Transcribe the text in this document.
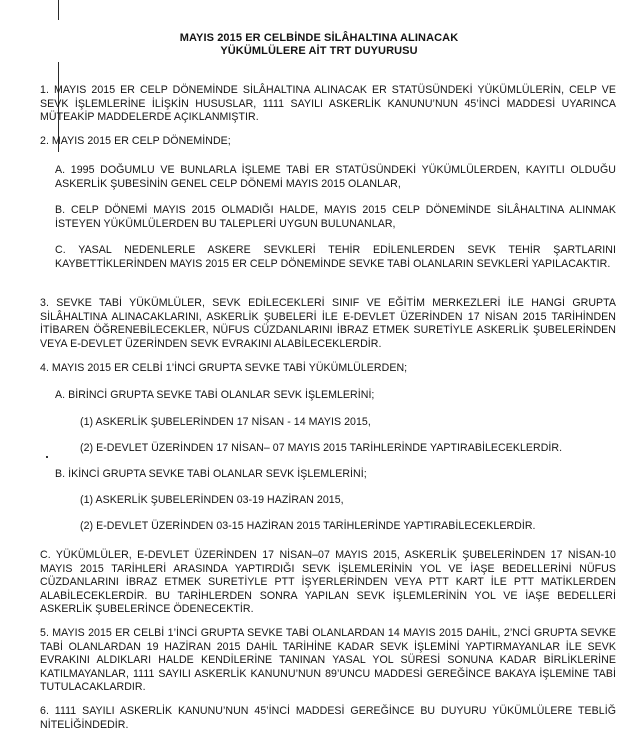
MAYIS 2015 ER CELBİNDE SİLÂHALTINA ALINACAK
YÜKÜMLÜLERE AİT TRT DUYURUSU

1. MAYIS 2015 ER CELP DÖNEMİNDE SİLÂHALTINA ALINACAK ER STATÜSÜNDEKİ YÜKÜMLÜLERİN, CELP VE SEVK İŞLEMLERİNE İLİŞKİN HUSUSLAR, 1111 SAYILI ASKERLİK KANUNU’NUN 45’İNCİ MADDESİ UYARINCA MÜTEAKİP MADDELERDE AÇIKLANMIŞTIR.

2. MAYIS 2015 ER CELP DÖNEMİNDE;

A. 1995 DOĞUMLU VE BUNLARLA İŞLEME TABİ ER STATÜSÜNDEKİ YÜKÜMLÜLERDEN, KAYITLI OLDUĞU ASKERLİK ŞUBESİNİN GENEL CELP DÖNEMİ MAYIS 2015 OLANLAR,

B. CELP DÖNEMİ MAYIS 2015 OLMADIĞI HALDE, MAYIS 2015 CELP DÖNEMİNDE SİLÂHALTINA ALINMAK İSTEYEN YÜKÜMLÜLERDEN BU TALEPLERİ UYGUN BULUNANLAR,

C. YASAL NEDENLERLE ASKERE SEVKLERİ TEHİR EDİLENLERDEN SEVK TEHİR ŞARTLARINI KAYBETTİKLERİNDEN MAYIS 2015 ER CELP DÖNEMİNDE SEVKE TABİ OLANLARIN SEVKLERİ YAPILACAKTIR.

3. SEVKE TABİ YÜKÜMLÜLER, SEVK EDİLECEKLERİ SINIF VE EĞİTİM MERKEZLERİ İLE HANGİ GRUPTA SİLÂHALTINA ALINACAKLARINI, ASKERLİK ŞUBELERİ İLE E-DEVLET ÜZERİNDEN 17 NİSAN 2015 TARİHİNDEN İTİBAREN ÖĞRENEBİLECEKLER, NÜFUS CÜZDANLARINI İBRAZ ETMEK SURETİYLE ASKERLİK ŞUBELERİNDEN VEYA E-DEVLET ÜZERİNDEN SEVK EVRAKINI ALABİLECEKLERDİR.

4. MAYIS 2015 ER CELBİ 1’İNCİ GRUPTA SEVKE TABİ YÜKÜMLÜLERDEN;

A. BİRİNCİ GRUPTA SEVKE TABİ OLANLAR SEVK İŞLEMLERİNİ;

(1) ASKERLİK ŞUBELERİNDEN 17 NİSAN - 14 MAYIS 2015,

(2) E-DEVLET ÜZERİNDEN 17 NİSAN– 07 MAYIS 2015 TARİHLERİNDE YAPTIRABİLECEKLERDİR.

B. İKİNCİ GRUPTA SEVKE TABİ OLANLAR SEVK İŞLEMLERİNİ;

(1) ASKERLİK ŞUBELERİNDEN 03-19 HAZİRAN 2015,

(2) E-DEVLET ÜZERİNDEN 03-15 HAZİRAN 2015 TARİHLERİNDE YAPTIRABİLECEKLERDİR.

C. YÜKÜMLÜLER, E-DEVLET ÜZERİNDEN 17 NİSAN–07 MAYIS 2015, ASKERLİK ŞUBELERİNDEN 17 NİSAN-10 MAYIS 2015 TARİHLERİ ARASINDA YAPTIRDIĞI SEVK İŞLEMLERİNİN YOL VE İAŞE BEDELLERİNİ NÜFUS CÜZDANLARINI İBRAZ ETMEK SURETİYLE PTT İŞYERLERİNDEN VEYA PTT KART İLE PTT MATİKLERDEN ALABİLECEKLERDİR. BU TARİHLERDEN SONRA YAPILAN SEVK İŞLEMLERİNİN YOL VE İAŞE BEDELLERİ ASKERLİK ŞUBELERİNCE ÖDENECEKTİR.

5. MAYIS 2015 ER CELBİ 1’İNCİ GRUPTA SEVKE TABİ OLANLARDAN 14 MAYIS 2015 DAHİL, 2’NCİ GRUPTA SEVKE TABİ OLANLARDAN 19 HAZİRAN 2015 DAHİL TARİHİNE KADAR SEVK İŞLEMİNİ YAPTIRMAYANLAR İLE SEVK EVRAKINI ALDIKLARI HALDE KENDİLERİNE TANINAN YASAL YOL SÜRESİ SONUNA KADAR BİRLİKLERİNE KATILMAYANLAR, 1111 SAYILI ASKERLİK KANUNU’NUN 89’UNCU MADDESİ GEREĞİNCE BAKAYA İŞLEMİNE TABİ TUTULACAKLARDIR.

6. 1111 SAYILI ASKERLİK KANUNU’NUN 45’İNCİ MADDESİ GEREĞİNCE BU DUYURU YÜKÜMLÜLERE TEBLİĞ NİTELİĞİNDEDİR.
